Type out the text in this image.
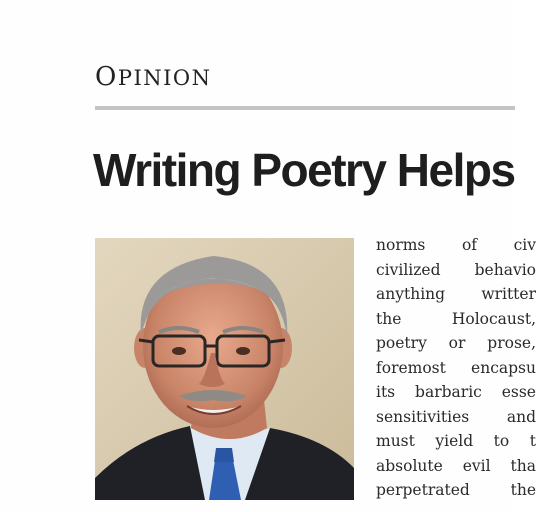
OPINION
Writing Poetry Helps
norms of civ
civilized behavio
anything writter
the Holocaust,
poetry or prose,
foremost encapsu
its barbaric esse
sensitivities and
must yield to t
absolute evil tha
perpetrated the
